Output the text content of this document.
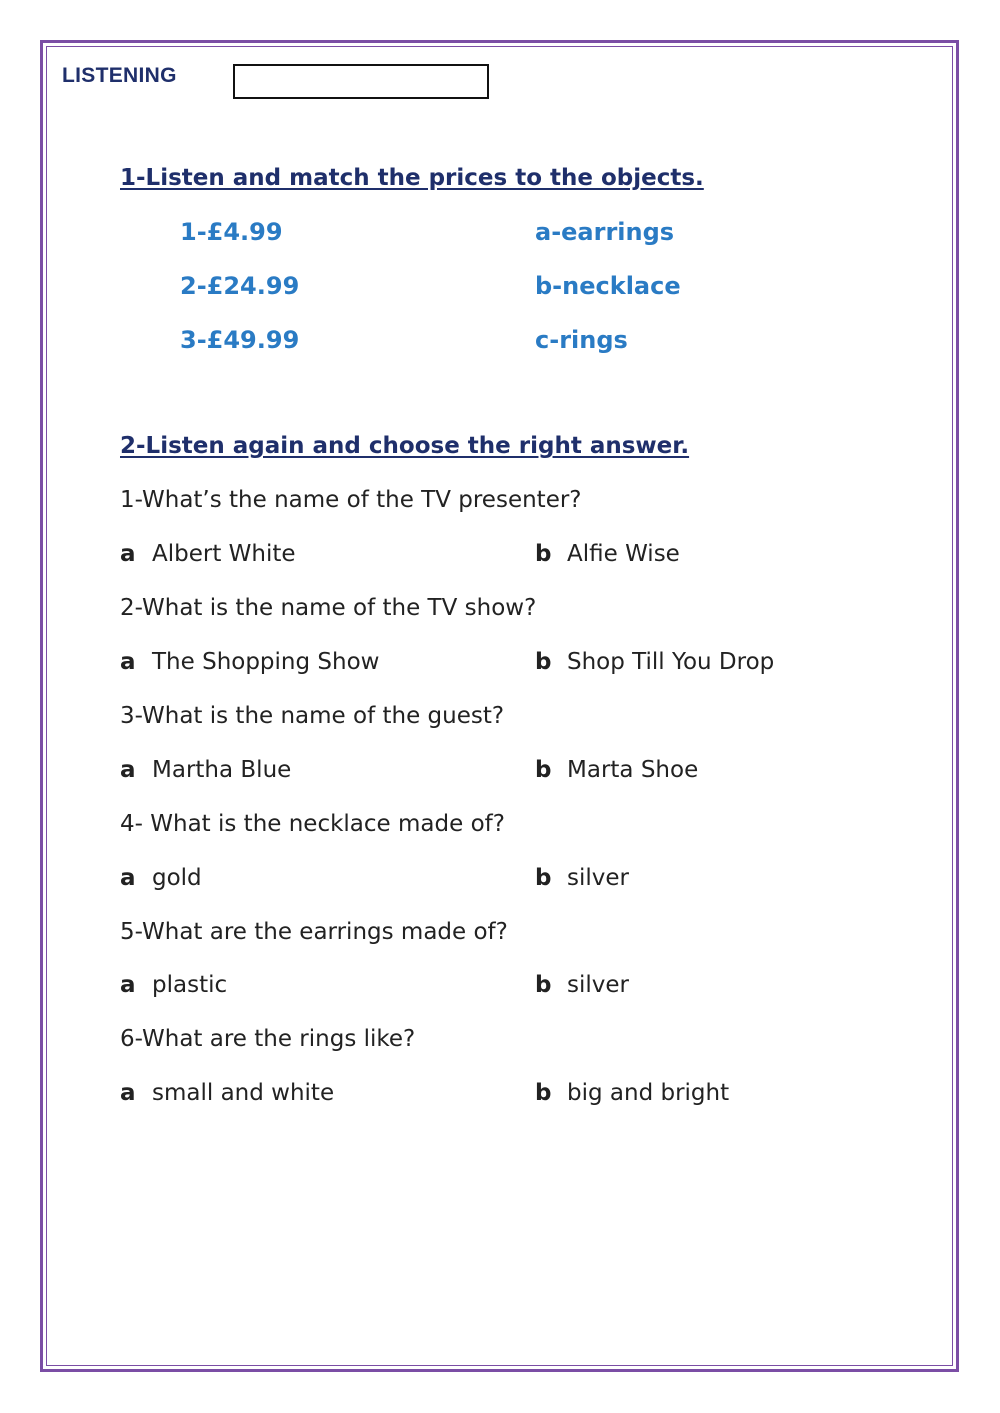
LISTENING
1-Listen and match the prices to the objects.
1-£4.99	a-earrings
2-£24.99	b-necklace
3-£49.99	c-rings
2-Listen again and choose the right answer.
1-What’s the name of the TV presenter?
a Albert White	b Alfie Wise
2-What is the name of the TV show?
a The Shopping Show	b Shop Till You Drop
3-What is the name of the guest?
a Martha Blue	b Marta Shoe
4- What is the necklace made of?
a gold	b silver
5-What are the earrings made of?
a plastic	b silver
6-What are the rings like?
a small and white	b big and bright
